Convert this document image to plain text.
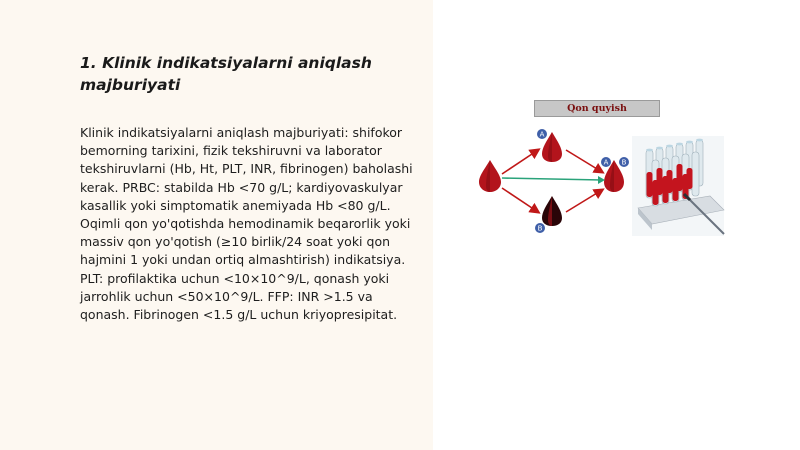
1. Klinik indikatsiyalarni aniqlash majburiyati

Klinik indikatsiyalarni aniqlash majburiyati: shifokor bemorning tarixini, fizik tekshiruvni va laborator tekshiruvlarni (Hb, Ht, PLT, INR, fibrinogen) baholashi kerak. PRBC: stabilda Hb <70 g/L; kardiyovaskulyar kasallik yoki simptomatik anemiyada Hb <80 g/L. Oqimli qon yo'qotishda hemodinamik beqarorlik yoki massiv qon yo'qotish (≥10 birlik/24 soat yoki qon hajmini 1 yoki undan ortiq almashtirish) indikatsiya. PLT: profilaktika uchun <10×10^9/L, qonash yoki jarrohlik uchun <50×10^9/L. FFP: INR >1.5 va qonash. Fibrinogen <1.5 g/L uchun kriyopresipitat.

A
B
A B
Qon quyish
